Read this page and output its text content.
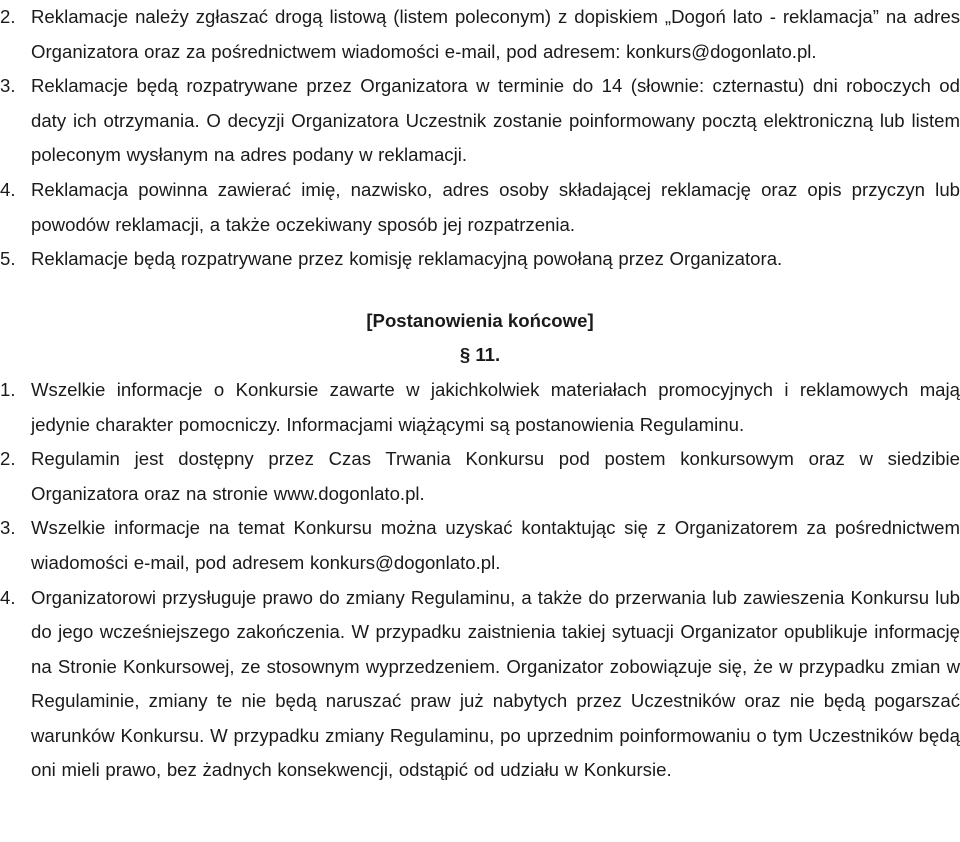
2. Reklamacje należy zgłaszać drogą listową (listem poleconym) z dopiskiem „Dogoń lato - reklamacja” na adres Organizatora oraz za pośrednictwem wiadomości e-mail, pod adresem: konkurs@dogonlato.pl.

3. Reklamacje będą rozpatrywane przez Organizatora w terminie do 14 (słownie: czternastu) dni roboczych od daty ich otrzymania. O decyzji Organizatora Uczestnik zostanie poinformowany pocztą elektroniczną lub listem poleconym wysłanym na adres podany w reklamacji.

4. Reklamacja powinna zawierać imię, nazwisko, adres osoby składającej reklamację oraz opis przyczyn lub powodów reklamacji, a także oczekiwany sposób jej rozpatrzenia.

5. Reklamacje będą rozpatrywane przez komisję reklamacyjną powołaną przez Organizatora.

[Postanowienia końcowe]
§ 11.

1. Wszelkie informacje o Konkursie zawarte w jakichkolwiek materiałach promocyjnych i reklamowych mają jedynie charakter pomocniczy. Informacjami wiążącymi są postanowienia Regulaminu.

2. Regulamin jest dostępny przez Czas Trwania Konkursu pod postem konkursowym oraz w siedzibie Organizatora oraz na stronie www.dogonlato.pl.

3. Wszelkie informacje na temat Konkursu można uzyskać kontaktując się z Organizatorem za pośrednictwem wiadomości e-mail, pod adresem konkurs@dogonlato.pl.

4. Organizatorowi przysługuje prawo do zmiany Regulaminu, a także do przerwania lub zawieszenia Konkursu lub do jego wcześniejszego zakończenia. W przypadku zaistnienia takiej sytuacji Organizator opublikuje informację na Stronie Konkursowej, ze stosownym wyprzedzeniem. Organizator zobowiązuje się, że w przypadku zmian w Regulaminie, zmiany te nie będą naruszać praw już nabytych przez Uczestników oraz nie będą pogarszać warunków Konkursu. W przypadku zmiany Regulaminu, po uprzednim poinformowaniu o tym Uczestników będą oni mieli prawo, bez żadnych konsekwencji, odstąpić od udziału w Konkursie.
